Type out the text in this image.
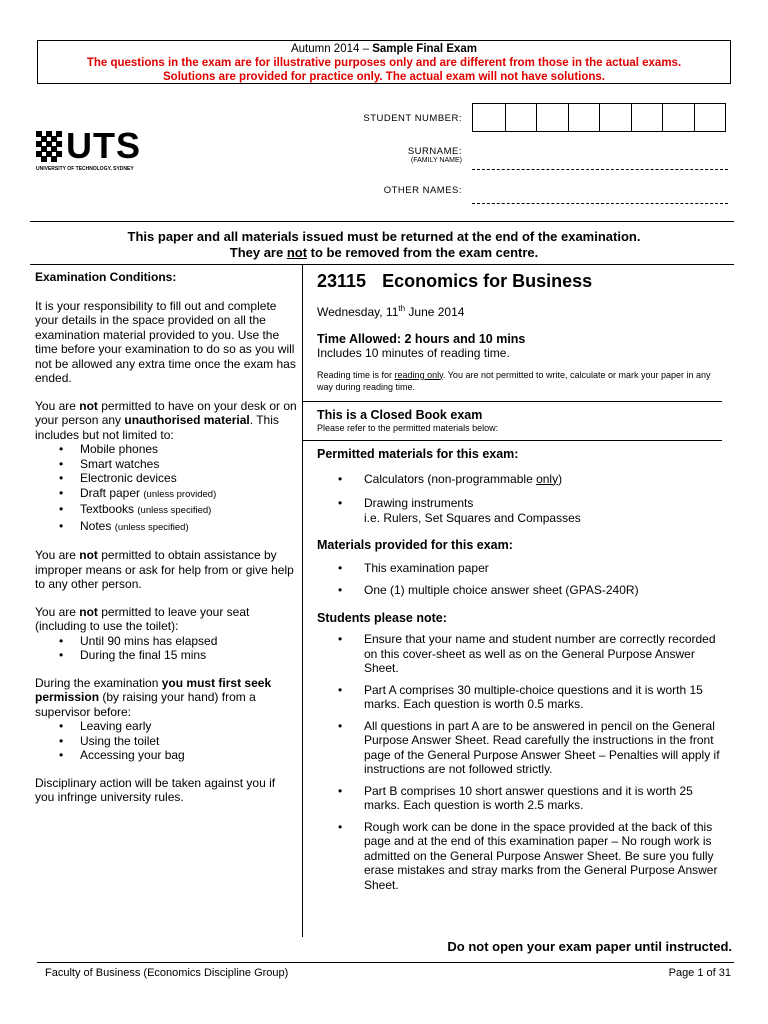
Autumn 2014 – Sample Final Exam
The questions in the exam are for illustrative purposes only and are different from those in the actual exams.
Solutions are provided for practice only. The actual exam will not have solutions.
UTS
UNIVERSITY OF TECHNOLOGY, SYDNEY
STUDENT NUMBER:
SURNAME:
(FAMILY NAME)
OTHER NAMES:
This paper and all materials issued must be returned at the end of the examination.
They are not to be removed from the exam centre.

Examination Conditions:

It is your responsibility to fill out and complete your details in the space provided on all the examination material provided to you. Use the time before your examination to do so as you will not be allowed any extra time once the exam has ended.

You are not permitted to have on your desk or on your person any unauthorised material. This includes but not limited to:

• Mobile phones
• Smart watches
• Electronic devices
• Draft paper (unless provided)
• Textbooks (unless specified)
• Notes (unless specified)

You are not permitted to obtain assistance by improper means or ask for help from or give help to any other person.

You are not permitted to leave your seat (including to use the toilet):

• Until 90 mins has elapsed
• During the final 15 mins

During the examination you must first seek permission (by raising your hand) from a supervisor before:

• Leaving early
• Using the toilet
• Accessing your bag

Disciplinary action will be taken against you if you infringe university rules.

23115 Economics for Business
Wednesday, 11th June 2014
Time Allowed: 2 hours and 10 mins
Includes 10 minutes of reading time.
Reading time is for reading only. You are not permitted to write, calculate or mark your paper in any way during reading time.
This is a Closed Book exam
Please refer to the permitted materials below:
Permitted materials for this exam:
• Calculators (non-programmable only)
• Drawing instruments
i.e. Rulers, Set Squares and Compasses
Materials provided for this exam:
• This examination paper
• One (1) multiple choice answer sheet (GPAS-240R)
Students please note:
• Ensure that your name and student number are correctly recorded on this cover-sheet as well as on the General Purpose Answer Sheet.
• Part A comprises 30 multiple-choice questions and it is worth 15 marks. Each question is worth 0.5 marks.
• All questions in part A are to be answered in pencil on the General Purpose Answer Sheet. Read carefully the instructions in the front page of the General Purpose Answer Sheet – Penalties will apply if instructions are not followed strictly.
• Part B comprises 10 short answer questions and it is worth 25 marks. Each question is worth 2.5 marks.
• Rough work can be done in the space provided at the back of this page and at the end of this examination paper – No rough work is admitted on the General Purpose Answer Sheet. Be sure you fully erase mistakes and stray marks from the General Purpose Answer Sheet.
Do not open your exam paper until instructed.
Faculty of Business (Economics Discipline Group)	Page 1 of 31
